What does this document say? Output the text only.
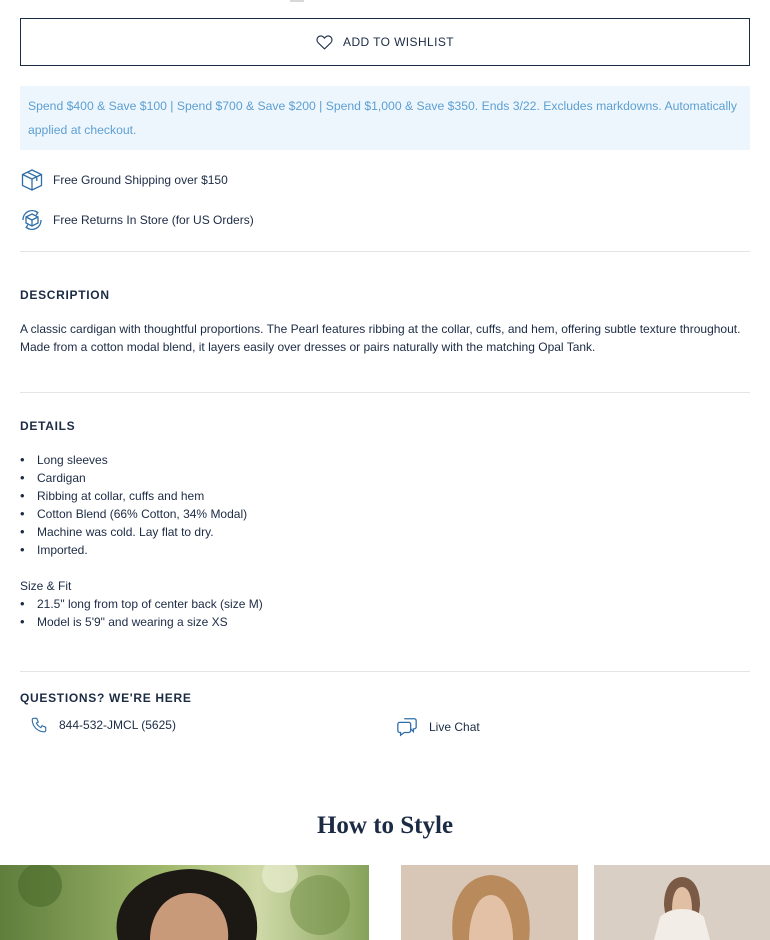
ADD TO WISHLIST
Spend $400 & Save $100 | Spend $700 & Save $200 | Spend $1,000 & Save $350. Ends 3/22. Excludes markdowns. Automatically applied at checkout.
Free Ground Shipping over $150
Free Returns In Store (for US Orders)
DESCRIPTION

A classic cardigan with thoughtful proportions. The Pearl features ribbing at the collar, cuffs, and hem, offering subtle texture throughout. Made from a cotton modal blend, it layers easily over dresses or pairs naturally with the matching Opal Tank.

DETAILS
• Long sleeves
• Cardigan
• Ribbing at collar, cuffs and hem
• Cotton Blend (66% Cotton, 34% Modal)
• Machine was cold. Lay flat to dry.
• Imported.
Size & Fit
• 21.5" long from top of center back (size M)
• Model is 5'9" and wearing a size XS
QUESTIONS? WE'RE HERE
844-532-JMCL (5625)	Live Chat
How to Style
